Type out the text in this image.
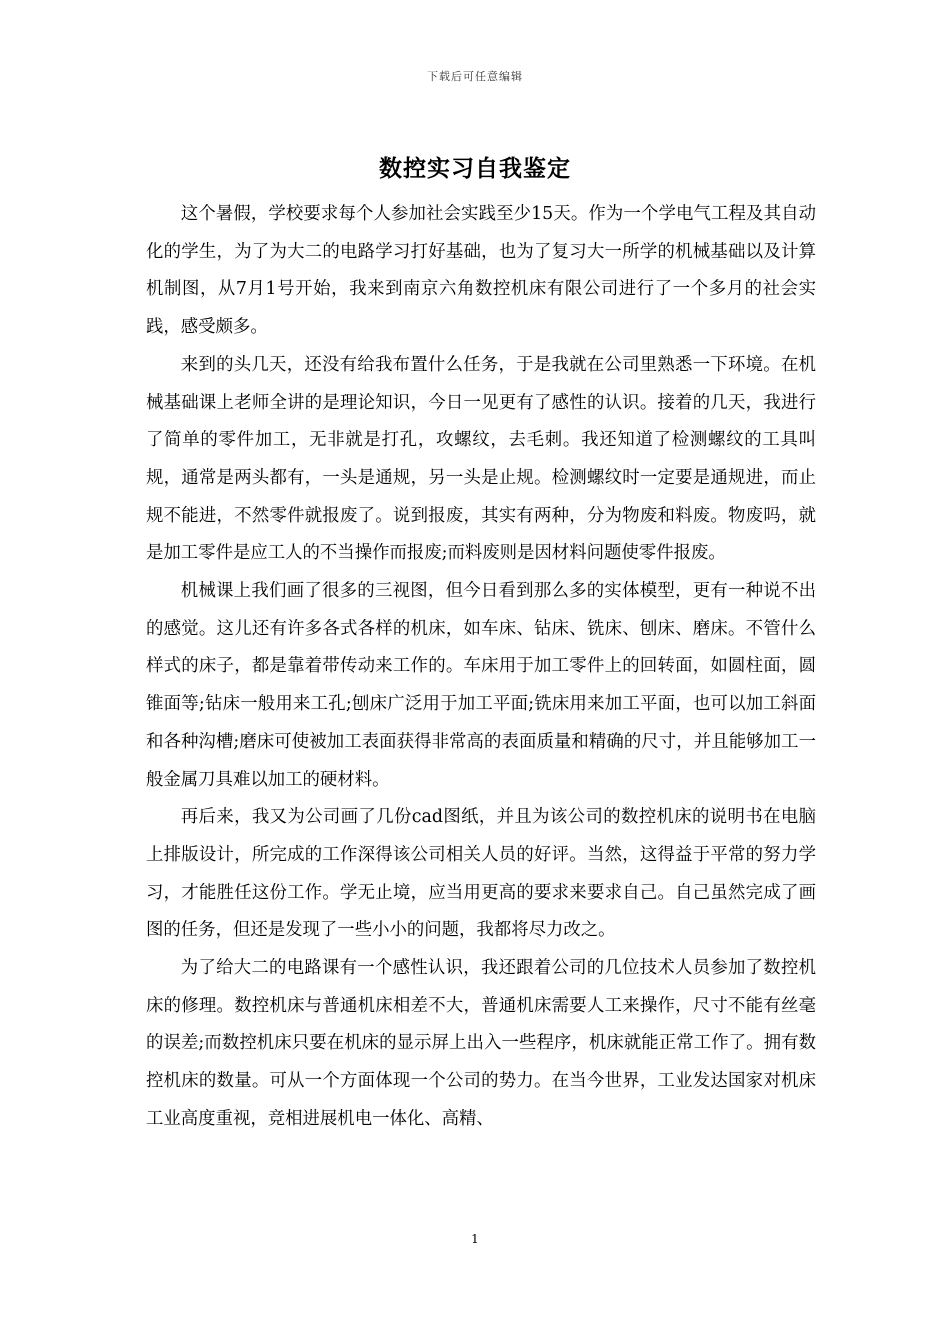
下载后可任意编辑
数控实习自我鉴定

这个暑假，学校要求每个人参加社会实践至少15天。作为一个学电气工程及其自动化的学生，为了为大二的电路学习打好基础，也为了复习大一所学的机械基础以及计算机制图，从7月1号开始，我来到南京六角数控机床有限公司进行了一个多月的社会实践，感受颇多。

来到的头几天，还没有给我布置什么任务，于是我就在公司里熟悉一下环境。在机械基础课上老师全讲的是理论知识，今日一见更有了感性的认识。接着的几天，我进行了简单的零件加工，无非就是打孔，攻螺纹，去毛刺。我还知道了检测螺纹的工具叫规，通常是两头都有，一头是通规，另一头是止规。检测螺纹时一定要是通规进，而止规不能进，不然零件就报废了。说到报废，其实有两种，分为物废和料废。物废吗，就是加工零件是应工人的不当操作而报废;而料废则是因材料问题使零件报废。

机械课上我们画了很多的三视图，但今日看到那么多的实体模型，更有一种说不出的感觉。这儿还有许多各式各样的机床，如车床、钻床、铣床、刨床、磨床。不管什么样式的床子，都是靠着带传动来工作的。车床用于加工零件上的回转面，如圆柱面，圆锥面等;钻床一般用来工孔;刨床广泛用于加工平面;铣床用来加工平面，也可以加工斜面和各种沟槽;磨床可使被加工表面获得非常高的表面质量和精确的尺寸，并且能够加工一般金属刀具难以加工的硬材料。

再后来，我又为公司画了几份cad图纸，并且为该公司的数控机床的说明书在电脑上排版设计，所完成的工作深得该公司相关人员的好评。当然，这得益于平常的努力学习，才能胜任这份工作。学无止境，应当用更高的要求来要求自己。自己虽然完成了画图的任务，但还是发现了一些小小的问题，我都将尽力改之。

为了给大二的电路课有一个感性认识，我还跟着公司的几位技术人员参加了数控机床的修理。数控机床与普通机床相差不大，普通机床需要人工来操作，尺寸不能有丝毫的误差;而数控机床只要在机床的显示屏上出入一些程序，机床就能正常工作了。拥有数控机床的数量。可从一个方面体现一个公司的势力。在当今世界，工业发达国家对机床工业高度重视，竞相进展机电一体化、高精、

1
